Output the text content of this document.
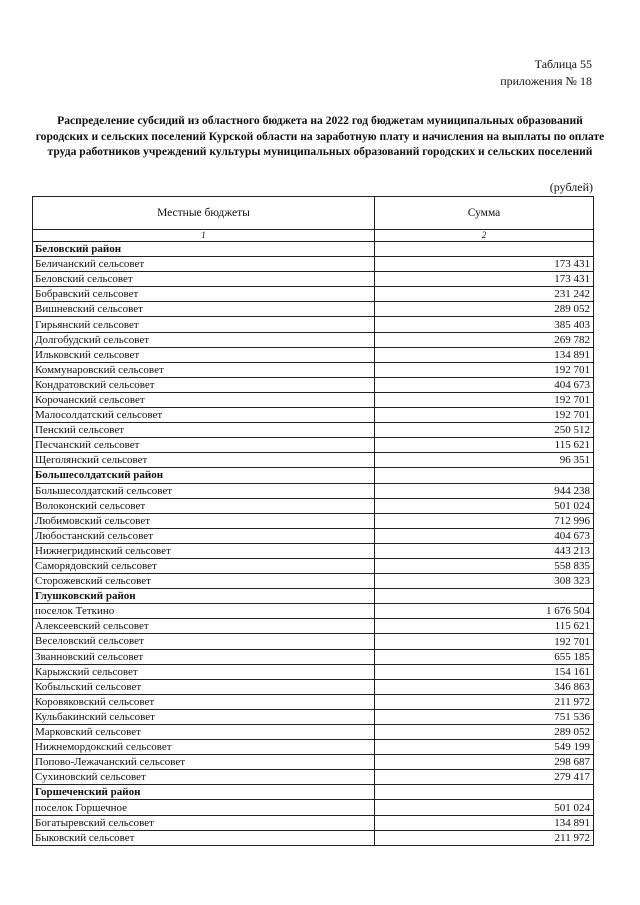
Таблица 55
приложения № 18
Распределение субсидий из областного бюджета на 2022 год бюджетам муниципальных образований городских и сельских поселений Курской области на заработную плату и начисления на выплаты по оплате труда работников учреждений культуры муниципальных образований городских и сельских поселений
(рублей)
Местные бюджеты	Сумма
1	2
Беловский район	
Беличанский сельсовет	173 431
Беловский сельсовет	173 431
Бобравский сельсовет	231 242
Вишневский сельсовет	289 052
Гирьянский сельсовет	385 403
Долгобудский сельсовет	269 782
Ильковский сельсовет	134 891
Коммунаровский сельсовет	192 701
Кондратовский сельсовет	404 673
Корочанский сельсовет	192 701
Малосолдатский сельсовет	192 701
Пенский сельсовет	250 512
Песчанский сельсовет	115 621
Щеголянский сельсовет	96 351
Большесолдатский район	
Большесолдатский сельсовет	944 238
Волоконский сельсовет	501 024
Любимовский сельсовет	712 996
Любостанский сельсовет	404 673
Нижнегридинский сельсовет	443 213
Саморядовский сельсовет	558 835
Сторожевский сельсовет	308 323
Глушковский район	
поселок Теткино	1 676 504
Алексеевский сельсовет	115 621
Веселовский сельсовет	192 701
Званновский сельсовет	655 185
Карыжский сельсовет	154 161
Кобыльский сельсовет	346 863
Коровяковский сельсовет	211 972
Кульбакинский сельсовет	751 536
Марковский сельсовет	289 052
Нижнемордокский сельсовет	549 199
Попово-Лежачанский сельсовет	298 687
Сухиновский сельсовет	279 417
Горшеченский район	
поселок Горшечное	501 024
Богатыревский сельсовет	134 891
Быковский сельсовет	211 972
